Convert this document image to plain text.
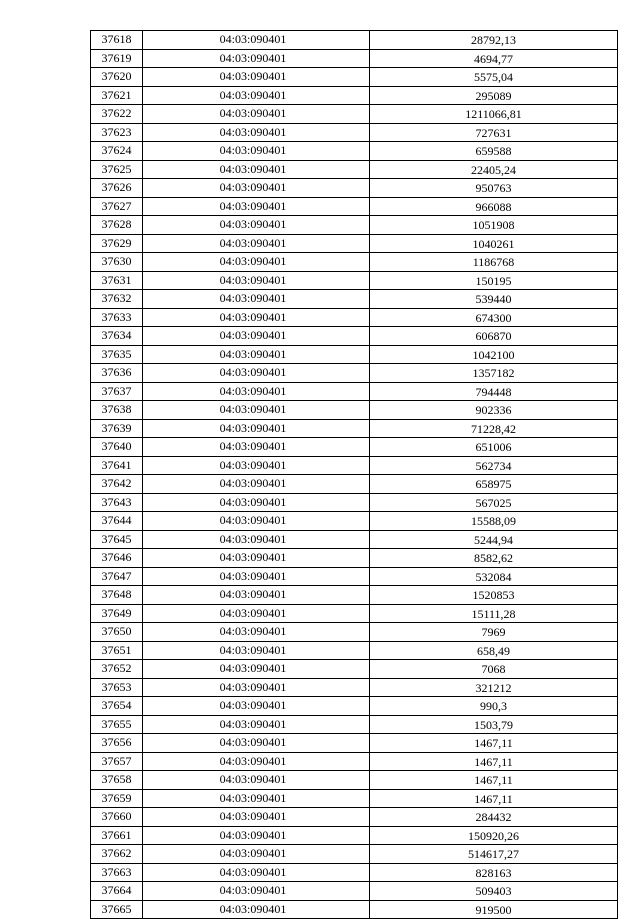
37618	04:03:090401	28792,13
37619	04:03:090401	4694,77
37620	04:03:090401	5575,04
37621	04:03:090401	295089
37622	04:03:090401	1211066,81
37623	04:03:090401	727631
37624	04:03:090401	659588
37625	04:03:090401	22405,24
37626	04:03:090401	950763
37627	04:03:090401	966088
37628	04:03:090401	1051908
37629	04:03:090401	1040261
37630	04:03:090401	1186768
37631	04:03:090401	150195
37632	04:03:090401	539440
37633	04:03:090401	674300
37634	04:03:090401	606870
37635	04:03:090401	1042100
37636	04:03:090401	1357182
37637	04:03:090401	794448
37638	04:03:090401	902336
37639	04:03:090401	71228,42
37640	04:03:090401	651006
37641	04:03:090401	562734
37642	04:03:090401	658975
37643	04:03:090401	567025
37644	04:03:090401	15588,09
37645	04:03:090401	5244,94
37646	04:03:090401	8582,62
37647	04:03:090401	532084
37648	04:03:090401	1520853
37649	04:03:090401	15111,28
37650	04:03:090401	7969
37651	04:03:090401	658,49
37652	04:03:090401	7068
37653	04:03:090401	321212
37654	04:03:090401	990,3
37655	04:03:090401	1503,79
37656	04:03:090401	1467,11
37657	04:03:090401	1467,11
37658	04:03:090401	1467,11
37659	04:03:090401	1467,11
37660	04:03:090401	284432
37661	04:03:090401	150920,26
37662	04:03:090401	514617,27
37663	04:03:090401	828163
37664	04:03:090401	509403
37665	04:03:090401	919500
